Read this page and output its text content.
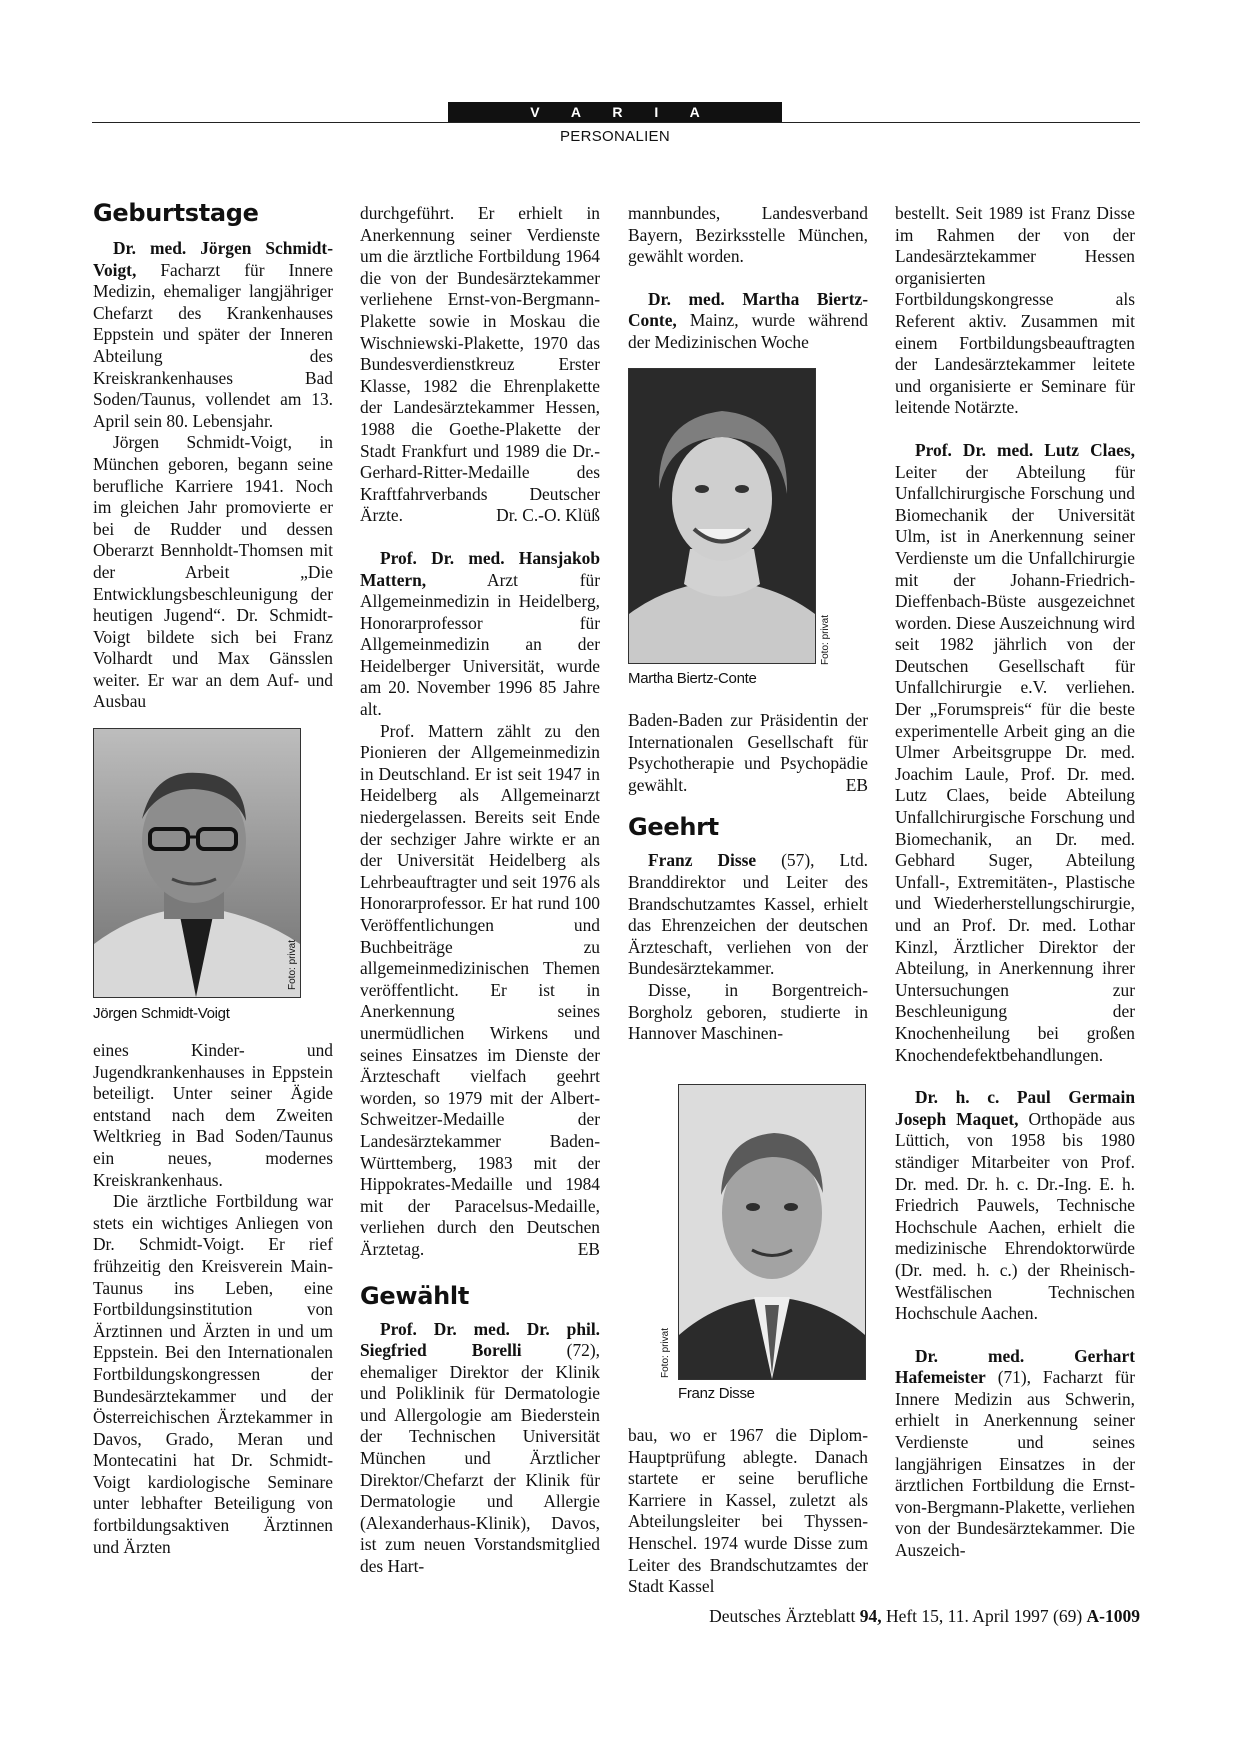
V A R I A
PERSONALIEN
Geburtstage

Dr. med. Jörgen Schmidt-Voigt, Facharzt für Innere Medizin, ehemaliger langjähriger Chefarzt des Krankenhauses Eppstein und später der Inneren Abteilung des Kreiskrankenhauses Bad Soden/Taunus, vollendet am 13. April sein 80. Lebensjahr.

Jörgen Schmidt-Voigt, in München geboren, begann seine berufliche Karriere 1941. Noch im gleichen Jahr promovierte er bei de Rudder und dessen Oberarzt Bennholdt-Thomsen mit der Arbeit „Die Entwicklungsbeschleunigung der heutigen Jugend“. Dr. Schmidt-Voigt bildete sich bei Franz Volhardt und Max Gänsslen weiter. Er war an dem Auf- und Ausbau

Foto: privat
Jörgen Schmidt-Voigt

eines Kinder- und Jugendkrankenhauses in Eppstein beteiligt. Unter seiner Ägide entstand nach dem Zweiten Weltkrieg in Bad Soden/Taunus ein neues, modernes Kreiskrankenhaus.

Die ärztliche Fortbildung war stets ein wichtiges Anliegen von Dr. Schmidt-Voigt. Er rief frühzeitig den Kreisverein Main-Taunus ins Leben, eine Fortbildungsinstitution von Ärztinnen und Ärzten in und um Eppstein. Bei den Internationalen Fortbildungskongressen der Bundesärztekammer und der Österreichischen Ärztekammer in Davos, Grado, Meran und Montecatini hat Dr. Schmidt-Voigt kardiologische Seminare unter lebhafter Beteiligung von fortbildungsaktiven Ärztinnen und Ärzten

durchgeführt. Er erhielt in Anerkennung seiner Verdienste um die ärztliche Fortbildung 1964 die von der Bundesärztekammer verliehene Ernst-von-Bergmann-Plakette sowie in Moskau die Wischniewski-Plakette, 1970 das Bundesverdienstkreuz Erster Klasse, 1982 die Ehrenplakette der Landesärztekammer Hessen, 1988 die Goethe-Plakette der Stadt Frankfurt und 1989 die Dr.-Gerhard-Ritter-Medaille des Kraftfahrverbands Deutscher Ärzte.	Dr. C.-O. Klüß

Prof. Dr. med. Hansjakob Mattern, Arzt für Allgemeinmedizin in Heidelberg, Honorarprofessor für Allgemeinmedizin an der Heidelberger Universität, wurde am 20. November 1996 85 Jahre alt.

Prof. Mattern zählt zu den Pionieren der Allgemeinmedizin in Deutschland. Er ist seit 1947 in Heidelberg als Allgemeinarzt niedergelassen. Bereits seit Ende der sechziger Jahre wirkte er an der Universität Heidelberg als Lehrbeauftragter und seit 1976 als Honorarprofessor. Er hat rund 100 Veröffentlichungen und Buchbeiträge zu allgemeinmedizinischen Themen veröffentlicht. Er ist in Anerkennung seines unermüdlichen Wirkens und seines Einsatzes im Dienste der Ärzteschaft vielfach geehrt worden, so 1979 mit der Albert-Schweitzer-Medaille der Landesärztekammer Baden-Württemberg, 1983 mit der Hippokrates-Medaille und 1984 mit der Paracelsus-Medaille, verliehen durch den Deutschen Ärztetag.	EB

Gewählt

Prof. Dr. med. Dr. phil. Siegfried Borelli (72), ehemaliger Direktor der Klinik und Poliklinik für Dermatologie und Allergologie am Biederstein der Technischen Universität München und Ärztlicher Direktor/Chefarzt der Klinik für Dermatologie und Allergie (Alexanderhaus-Klinik), Davos, ist zum neuen Vorstandsmitglied des Hart-

mannbundes, Landesverband Bayern, Bezirksstelle München, gewählt worden.

Dr. med. Martha Biertz-Conte, Mainz, wurde während der Medizinischen Woche

Foto: privat
Martha Biertz-Conte

Baden-Baden zur Präsidentin der Internationalen Gesellschaft für Psychotherapie und Psychopädie gewählt.	EB

Geehrt

Franz Disse (57), Ltd. Branddirektor und Leiter des Brandschutzamtes Kassel, erhielt das Ehrenzeichen der deutschen Ärzteschaft, verliehen von der Bundesärztekammer.

Disse, in Borgentreich-Borgholz geboren, studierte in Hannover Maschinen-

Foto: privat
Franz Disse

bau, wo er 1967 die Diplom-Hauptprüfung ablegte. Danach startete er seine berufliche Karriere in Kassel, zuletzt als Abteilungsleiter bei Thyssen-Henschel. 1974 wurde Disse zum Leiter des Brandschutzamtes der Stadt Kassel

bestellt. Seit 1989 ist Franz Disse im Rahmen der von der Landesärztekammer Hessen organisierten Fortbildungskongresse als Referent aktiv. Zusammen mit einem Fortbildungsbeauftragten der Landesärztekammer leitete und organisierte er Seminare für leitende Notärzte.

Prof. Dr. med. Lutz Claes, Leiter der Abteilung für Unfallchirurgische Forschung und Biomechanik der Universität Ulm, ist in Anerkennung seiner Verdienste um die Unfallchirurgie mit der Johann-Friedrich-Dieffenbach-Büste ausgezeichnet worden. Diese Auszeichnung wird seit 1982 jährlich von der Deutschen Gesellschaft für Unfallchirurgie e.V. verliehen. Der „Forumspreis“ für die beste experimentelle Arbeit ging an die Ulmer Arbeitsgruppe Dr. med. Joachim Laule, Prof. Dr. med. Lutz Claes, beide Abteilung Unfallchirurgische Forschung und Biomechanik, an Dr. med. Gebhard Suger, Abteilung Unfall-, Extremitäten-, Plastische und Wiederherstellungschirurgie, und an Prof. Dr. med. Lothar Kinzl, Ärztlicher Direktor der Abteilung, in Anerkennung ihrer Untersuchungen zur Beschleunigung der Knochenheilung bei großen Knochendefektbehandlungen.

Dr. h. c. Paul Germain Joseph Maquet, Orthopäde aus Lüttich, von 1958 bis 1980 ständiger Mitarbeiter von Prof. Dr. med. Dr. h. c. Dr.-Ing. E. h. Friedrich Pauwels, Technische Hochschule Aachen, erhielt die medizinische Ehrendoktorwürde (Dr. med. h. c.) der Rheinisch-Westfälischen Technischen Hochschule Aachen.

Dr. med. Gerhart Hafemeister (71), Facharzt für Innere Medizin aus Schwerin, erhielt in Anerkennung seiner Verdienste und seines langjährigen Einsatzes in der ärztlichen Fortbildung die Ernst-von-Bergmann-Plakette, verliehen von der Bundesärztekammer. Die Auszeich-

Deutsches Ärzteblatt 94, Heft 15, 11. April 1997 (69) A-1009
